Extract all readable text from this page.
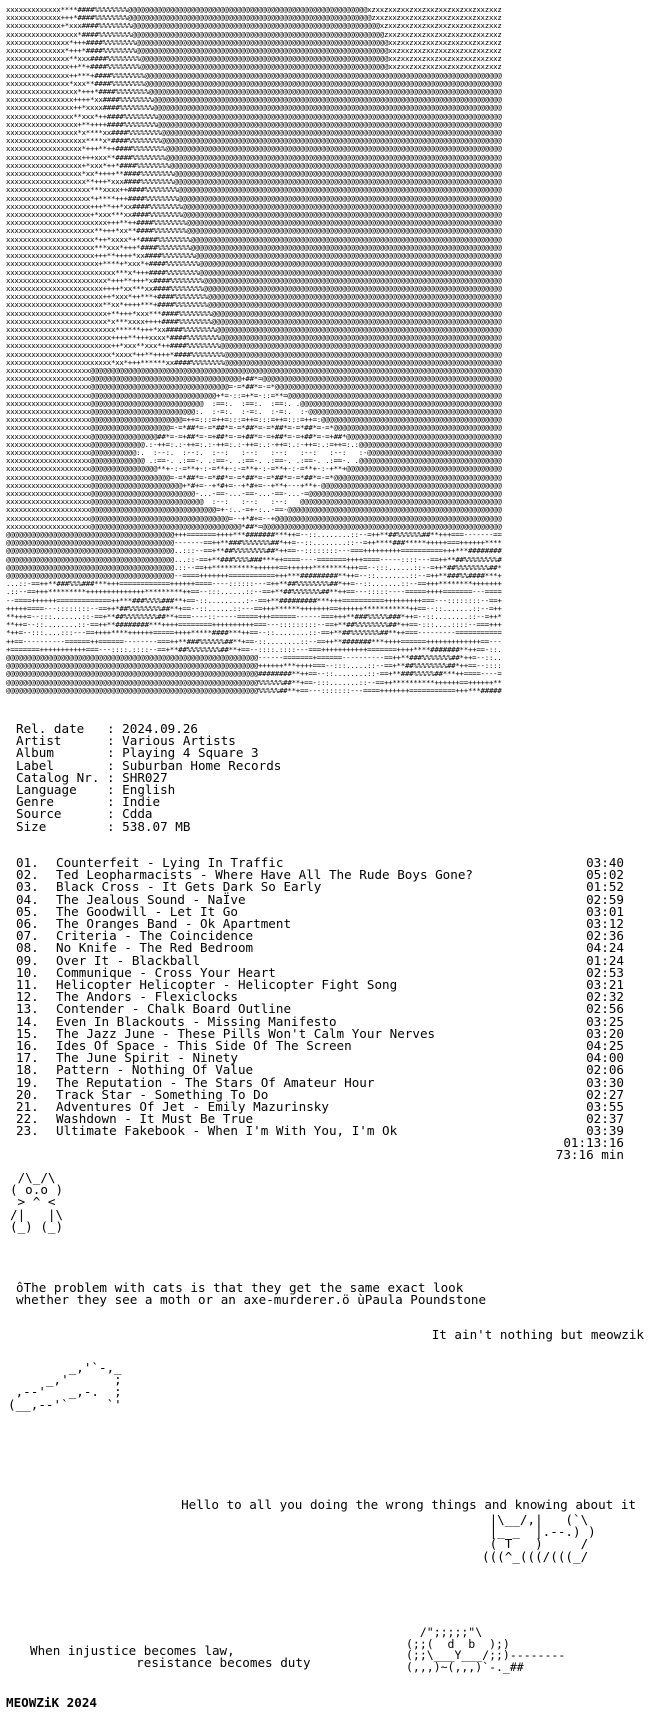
xxxxxxxxxxxxx****####%%%%%%%%@@@@@@@@@@@@@@@@@@@@@@@@@@@@@@@@@@@@@@@@@@@@@@@@@@@@@@@@@xzxxzxxzxxzxxzxxzxxzxxzxxzxxzxxz
xxxxxxxxxxxxx+++*####%%%%%%%%@@@@@@@@@@@@@@@@@@@@@@@@@@@@@@@@@@@@@@@@@@@@@@@@@@@@@@@@@@zxxzxxzxxzxxzxxzxxzxxzxxzxxzxxz
xxxxxxxxxxxxx+*xxx####%%%%%%%%@@@@@@@@@@@@@@@@@@@@@@@@@@@@@@@@@@@@@@@@@@@@@@@@@@@@@@@@@@@xzxxzxxzxxzxxzxxzxxzxxzxxzxxz
xxxxxxxxxxxxxxxxx*####%%%%%%%%@@@@@@@@@@@@@@@@@@@@@@@@@@@@@@@@@@@@@@@@@@@@@@@@@@@@@@@@@@@@zxxzxxzxxzxxzxxzxxzxxzxxzxxz
xxxxxxxxxxxxxxx*+++####%%%%%%%%@@@@@@@@@@@@@@@@@@@@@@@@@@@@@@@@@@@@@@@@@@@@@@@@@@@@@@@@@@@@xxzxxzxxzxxzxxzxxzxxzxxzxxz
xxxxxxxxxxxxxx*+++*####%%%%%%%%@@@@@@@@@@@@@@@@@@@@@@@@@@@@@@@@@@@@@@@@@@@@@@@@@@@@@@@@@@@@xxzxxzxxzxxzxxzxxzxxzxxzxxz
xxxxxxxxxxxxxxx**xxx####%%%%%%%%@@@@@@@@@@@@@@@@@@@@@@@@@@@@@@@@@@@@@@@@@@@@@@@@@@@@@@@@@@@xxzxxzxxzxxzxxzxxzxxzxxzxxz
xxxxxxxxxxxxxxx++**+####%%%%%%%%@@@@@@@@@@@@@@@@@@@@@@@@@@@@@@@@@@@@@@@@@@@@@@@@@@@@@@@@@@@xxzxxzxxzxxzxxzxxzxxzxxzxxz
xxxxxxxxxxxxxxx++***+####%%%%%%%%@@@@@@@@@@@@@@@@@@@@@@@@@@@@@@@@@@@@@@@@@@@@@@@@@@@@@@@@@@@@@@@@@@@@@@@@@@@@@@@@@@@@@
xxxxxxxxxxxxxxx*xxx**####%%%%%%%%@@@@@@@@@@@@@@@@@@@@@@@@@@@@@@@@@@@@@@@@@@@@@@@@@@@@@@@@@@@@@@@@@@@@@@@@@@@@@@@@@@@@@
xxxxxxxxxxxxxxxxx*+++*####%%%%%%%%@@@@@@@@@@@@@@@@@@@@@@@@@@@@@@@@@@@@@@@@@@@@@@@@@@@@@@@@@@@@@@@@@@@@@@@@@@@@@@@@@@@@
xxxxxxxxxxxxxxxx++++*xx####%%%%%%%%@@@@@@@@@@@@@@@@@@@@@@@@@@@@@@@@@@@@@@@@@@@@@@@@@@@@@@@@@@@@@@@@@@@@@@@@@@@@@@@@@@@
xxxxxxxxxxxxxxxx++*xxxx####%%%%%%%%@@@@@@@@@@@@@@@@@@@@@@@@@@@@@@@@@@@@@@@@@@@@@@@@@@@@@@@@@@@@@@@@@@@@@@@@@@@@@@@@@@@
xxxxxxxxxxxxxxxx**xxx*++####%%%%%%%%@@@@@@@@@@@@@@@@@@@@@@@@@@@@@@@@@@@@@@@@@@@@@@@@@@@@@@@@@@@@@@@@@@@@@@@@@@@@@@@@@@
xxxxxxxxxxxxxxxxx+**++++####%%%%%%%%@@@@@@@@@@@@@@@@@@@@@@@@@@@@@@@@@@@@@@@@@@@@@@@@@@@@@@@@@@@@@@@@@@@@@@@@@@@@@@@@@@
xxxxxxxxxxxxxxxxx*x****xx####%%%%%%%%@@@@@@@@@@@@@@@@@@@@@@@@@@@@@@@@@@@@@@@@@@@@@@@@@@@@@@@@@@@@@@@@@@@@@@@@@@@@@@@@@
xxxxxxxxxxxxxxxxxxx****x*####%%%%%%%%@@@@@@@@@@@@@@@@@@@@@@@@@@@@@@@@@@@@@@@@@@@@@@@@@@@@@@@@@@@@@@@@@@@@@@@@@@@@@@@@@
xxxxxxxxxxxxxxxxxx*+++**++####%%%%%%%%@@@@@@@@@@@@@@@@@@@@@@@@@@@@@@@@@@@@@@@@@@@@@@@@@@@@@@@@@@@@@@@@@@@@@@@@@@@@@@@@
xxxxxxxxxxxxxxxxxx+++xxx**####%%%%%%%%@@@@@@@@@@@@@@@@@@@@@@@@@@@@@@@@@@@@@@@@@@@@@@@@@@@@@@@@@@@@@@@@@@@@@@@@@@@@@@@@
xxxxxxxxxxxxxxxxxx+*xxx*++*####%%%%%%%%@@@@@@@@@@@@@@@@@@@@@@@@@@@@@@@@@@@@@@@@@@@@@@@@@@@@@@@@@@@@@@@@@@@@@@@@@@@@@@@
xxxxxxxxxxxxxxxxxx*xx*++++**####%%%%%%%%@@@@@@@@@@@@@@@@@@@@@@@@@@@@@@@@@@@@@@@@@@@@@@@@@@@@@@@@@@@@@@@@@@@@@@@@@@@@@@
xxxxxxxxxxxxxxxxxxx**+++*xxx####%%%%%%%%@@@@@@@@@@@@@@@@@@@@@@@@@@@@@@@@@@@@@@@@@@@@@@@@@@@@@@@@@@@@@@@@@@@@@@@@@@@@@@
xxxxxxxxxxxxxxxxxxxx***xxxx++####%%%%%%%%@@@@@@@@@@@@@@@@@@@@@@@@@@@@@@@@@@@@@@@@@@@@@@@@@@@@@@@@@@@@@@@@@@@@@@@@@@@@@
xxxxxxxxxxxxxxxxxxxx*+****+++####%%%%%%%%@@@@@@@@@@@@@@@@@@@@@@@@@@@@@@@@@@@@@@@@@@@@@@@@@@@@@@@@@@@@@@@@@@@@@@@@@@@@@
xxxxxxxxxxxxxxxxxxxx+++**++*xx####%%%%%%%%@@@@@@@@@@@@@@@@@@@@@@@@@@@@@@@@@@@@@@@@@@@@@@@@@@@@@@@@@@@@@@@@@@@@@@@@@@@@
xxxxxxxxxxxxxxxxxxxx+*xxx***xx####%%%%%%%%@@@@@@@@@@@@@@@@@@@@@@@@@@@@@@@@@@@@@@@@@@@@@@@@@@@@@@@@@@@@@@@@@@@@@@@@@@@@
xxxxxxxxxxxxxxxxxxxxxxxx+++**++####%%%%%%%%@@@@@@@@@@@@@@@@@@@@@@@@@@@@@@@@@@@@@@@@@@@@@@@@@@@@@@@@@@@@@@@@@@@@@@@@@@@
xxxxxxxxxxxxxxxxxxxxx**+++*xx**####%%%%%%%%@@@@@@@@@@@@@@@@@@@@@@@@@@@@@@@@@@@@@@@@@@@@@@@@@@@@@@@@@@@@@@@@@@@@@@@@@@@
xxxxxxxxxxxxxxxxxxxxx*++*xxxx*+*####%%%%%%%%@@@@@@@@@@@@@@@@@@@@@@@@@@@@@@@@@@@@@@@@@@@@@@@@@@@@@@@@@@@@@@@@@@@@@@@@@@
xxxxxxxxxxxxxxxxxxxxx***xxx*+++*####%%%%%%%%@@@@@@@@@@@@@@@@@@@@@@@@@@@@@@@@@@@@@@@@@@@@@@@@@@@@@@@@@@@@@@@@@@@@@@@@@@
xxxxxxxxxxxxxxxxxxxxx+++**++++*xx####%%%%%%%%@@@@@@@@@@@@@@@@@@@@@@@@@@@@@@@@@@@@@@@@@@@@@@@@@@@@@@@@@@@@@@@@@@@@@@@@@
xxxxxxxxxxxxxxxxxxxxxx+****+*xxx*+####%%%%%%%%@@@@@@@@@@@@@@@@@@@@@@@@@@@@@@@@@@@@@@@@@@@@@@@@@@@@@@@@@@@@@@@@@@@@@@@@
xxxxxxxxxxxxxxxxxxxxxxxxxx***x*+++####%%%%%%%%@@@@@@@@@@@@@@@@@@@@@@@@@@@@@@@@@@@@@@@@@@@@@@@@@@@@@@@@@@@@@@@@@@@@@@@@
xxxxxxxxxxxxxxxxxxxxxxxx*+++**+++*x####%%%%%%%%@@@@@@@@@@@@@@@@@@@@@@@@@@@@@@@@@@@@@@@@@@@@@@@@@@@@@@@@@@@@@@@@@@@@@@@
xxxxxxxxxxxxxxxxxxxxxxx++++*xx***xx####%%%%%%%%@@@@@@@@@@@@@@@@@@@@@@@@@@@@@@@@@@@@@@@@@@@@@@@@@@@@@@@@@@@@@@@@@@@@@@@
xxxxxxxxxxxxxxxxxxxxxxx++*xxx*++***+####%%%%%%%%@@@@@@@@@@@@@@@@@@@@@@@@@@@@@@@@@@@@@@@@@@@@@@@@@@@@@@@@@@@@@@@@@@@@@@
xxxxxxxxxxxxxxxxxxxxxxx**xx*++++***+####%%%%%%%%@@@@@@@@@@@@@@@@@@@@@@@@@@@@@@@@@@@@@@@@@@@@@@@@@@@@@@@@@@@@@@@@@@@@@@
xxxxxxxxxxxxxxxxxxxxxxxx+**+++*xxx***####%%%%%%%%@@@@@@@@@@@@@@@@@@@@@@@@@@@@@@@@@@@@@@@@@@@@@@@@@@@@@@@@@@@@@@@@@@@@@
xxxxxxxxxxxxxxxxxxxxxxxx*x***xxxx++++####%%%%%%%%@@@@@@@@@@@@@@@@@@@@@@@@@@@@@@@@@@@@@@@@@@@@@@@@@@@@@@@@@@@@@@@@@@@@@
xxxxxxxxxxxxxxxxxxxxxxxxxx******+++*xx####%%%%%%%%@@@@@@@@@@@@@@@@@@@@@@@@@@@@@@@@@@@@@@@@@@@@@@@@@@@@@@@@@@@@@@@@@@@@
xxxxxxxxxxxxxxxxxxxxxxxxx++++**+++xxxx*####%%%%%%%%@@@@@@@@@@@@@@@@@@@@@@@@@@@@@@@@@@@@@@@@@@@@@@@@@@@@@@@@@@@@@@@@@@@
xxxxxxxxxxxxxxxxxxxxxxxxx++*xxx**xxx*++####%%%%%%%%@@@@@@@@@@@@@@@@@@@@@@@@@@@@@@@@@@@@@@@@@@@@@@@@@@@@@@@@@@@@@@@@@@@
xxxxxxxxxxxxxxxxxxxxxxxxx*xxxx*++**++++*####%%%%%%%%@@@@@@@@@@@@@@@@@@@@@@@@@@@@@@@@@@@@@@@@@@@@@@@@@@@@@@@@@@@@@@@@@@
xxxxxxxxxxxxxxxxxxxxxxxxx*xx*+++******xx####%%%%%%%%@@@@@@@@@@@@@@@@@@@@@@@@@@@@@@@@@@@@@@@@@@@@@@@@@@@@@@@@@@@@@@@@@@
xxxxxxxxxxxxxxxxxxxx@@@@@@@@@@@@@@@@@@@@@@@@@@@@@@@@@@@@@@@@@@@@@@@@@@@@@@@@@@@@@@@@@@@@@@@@@@@@@@@@@@@@@@@@@@@@@@@@@@
xxxxxxxxxxxxxxxxxxxx@@@@@@@@@@@@@@@@@@@@@@@@@@@@@@@@@@@@+##*=@@@@@@@@@@@@@@@@@@@@@@@@@@@@@@@@@@@@@@@@@@@@@@@@@@@@@@@@@
xxxxxxxxxxxxxxxxxxxx@@@@@@@@@@@@@@@@@@@@@@@@@@@@@@@@@=-=*##*=-=*@@@@@@@@@@@@@@@@@@@@@@@@@@@@@@@@@@@@@@@@@@@@@@@@@@@@@@
xxxxxxxxxxxxxxxxxxxx@@@@@@@@@@@@@@@@@@@@@@@@@@@@@@+*=-::=+*=-::=**=@@@@@@@@@@@@@@@@@@@@@@@@@@@@@@@@@@@@@@@@@@@@@@@@@@@
xxxxxxxxxxxxxxxxxxxx@@@@@@@@@@@@@@@@@@@@@@@@@@@  :==:.  :==:.  :==:. .@@@@@@@@@@@@@@@@@@@@@@@@@@@@@@@@@@@@@@@@@@@@@@@@
xxxxxxxxxxxxxxxxxxxx@@@@@@@@@@@@@@@@@@@@@@@@@:.  :-=:.  :-=:.  :-=:.  :-@@@@@@@@@@@@@@@@@@@@@@@@@@@@@@@@@@@@@@@@@@@@@@
xxxxxxxxxxxxxxxxxxxx@@@@@@@@@@@@@@@@@@@@@@=++=:::=++=:::=++=:::=++=:::=++=:@@@@@@@@@@@@@@@@@@@@@@@@@@@@@@@@@@@@@@@@@@@
xxxxxxxxxxxxxxxxxxxx@@@@@@@@@@@@@@@@@@@=-=*##*=-=*##*=-=*##*=-=*##*=-=*##*=-=*@@@@@@@@@@@@@@@@@@@@@@@@@@@@@@@@@@@@@@@@
xxxxxxxxxxxxxxxxxxxx@@@@@@@@@@@@@@@@##*=-=+##*=-=+##*=-=+##*=-=+##*=-=+##*=-=+##*@@@@@@@@@@@@@@@@@@@@@@@@@@@@@@@@@@@@@
xxxxxxxxxxxxxxxxxxxx@@@@@@@@@@@@@.:-++=:.:-++=:.:-++=:.:-++=:.:-++=:.:-++=:.:=++=:.:@@@@@@@@@@@@@@@@@@@@@@@@@@@@@@@@@@
xxxxxxxxxxxxxxxxxxxx@@@@@@@@@@@:.  :--:.  :--:.  :--:   :--:   :--:   :--:   :--:   :-@@@@@@@@@@@@@@@@@@@@@@@@@@@@@@@@
xxxxxxxxxxxxxxxxxxxx@@@@@@@@@@@@@ .:==-. .:==-. .:==-. .:==-. .:==-. .:==-. .:==-. .@@@@@@@@@@@@@@@@@@@@@@@@@@@@@@@@@@
xxxxxxxxxxxxxxxxxxxx@@@@@@@@@@@@@@@@**+-:-=**+-:-=**+-:-=**+-:-=**+-:-=**+-:-+**+@@@@@@@@@@@@@@@@@@@@@@@@@@@@@@@@@@@@@
xxxxxxxxxxxxxxxxxxxx@@@@@@@@@@@@@@@@@@@=-=*##*=-=*##*=-=*##*=-=*##*=-=*##*=-=*@@@@@@@@@@@@@@@@@@@@@@@@@@@@@@@@@@@@@@@@
xxxxxxxxxxxxxxxxxxxx@@@@@@@@@@@@@@@@@@@@@@+*#+=--+*#+=--+*#+=--+**+---+**+-@@@@@@@@@@@@@@@@@@@@@@@@@@@@@@@@@@@@@@@@@@@
xxxxxxxxxxxxxxxxxxxx@@@@@@@@@@@@@@@@@@@@@@@@@-...-==-...-==-...-==-...-=@@@@@@@@@@@@@@@@@@@@@@@@@@@@@@@@@@@@@@@@@@@@@@
xxxxxxxxxxxxxxxxxxxx@@@@@@@@@@@@@@@@@@@@@@@@@@@  :--:   :--:   :--:   @@@@@@@@@@@@@@@@@@@@@@@@@@@@@@@@@@@@@@@@@@@@@@@@
xxxxxxxxxxxxxxxxxxxx@@@@@@@@@@@@@@@@@@@@@@@@@@@@@@=+-:..-=+-:..-==-@@@@@@@@@@@@@@@@@@@@@@@@@@@@@@@@@@@@@@@@@@@@@@@@@@@
xxxxxxxxxxxxxxxxxxxx@@@@@@@@@@@@@@@@@@@@@@@@@@@@@@@@@=--+*#+=--+@@@@@@@@@@@@@@@@@@@@@@@@@@@@@@@@@@@@@@@@@@@@@@@@@@@@@@
xxxxxxxxxxxxxxxxxxxx@@@@@@@@@@@@@@@@@@@@@@@@@@@@@@@@@@@@*##*=@@@@@@@@@@@@@@@@@@@@@@@@@@@@@@@@@@@@@@@@@@@@@@@@@@@@@@@@@
@@@@@@@@@@@@@@@@@@@@@@@@@@@@@@@@@@@@@@@@+++=======++++***#######***++=--::........::--=++**##%%%%%%##**+++===-------==
@@@@@@@@@@@@@@@@@@@@@@@@@@@@@@@@@@@@@@@@-------==++**###%%%%%%%##*++=--::........::--=++****###*****+++++===++++++****
@@@@@@@@@@@@@@@@@@@@@@@@@@@@@@@@@@@@@@@@..:::--==+**##%%%%%%%%##*++==--::::::::---===+++++++++==========+++***########
@@@@@@@@@@@@@@@@@@@@@@@@@@@@@@@@@@@@@@@@...::-==+**###%%%%###***++====----=======++++====-----::::---==++**##%%%%%%%%#
@@@@@@@@@@@@@@@@@@@@@@@@@@@@@@@@@@@@@@@@.::--==++**********++++++==++++++********+++==--:::......::--=++*##%%%%%%%%##*
@@@@@@@@@@@@@@@@@@@@@@@@@@@@@@@@@@@@@@@@--====+++++++===========+++***#########**++=--::........::--=++**###%%####***+
...::-==++**###%%%###***+++============++++++====----::::::---=++**##%%%%%%%%##*++=--::.......::--==+++********+++++++
.::--==+++*********++++++++++++++*********++==--:::......::--==+**##%%%%%%%##**++==---:::::----=====++++=======---====
--====++++++=============++***###%%%%###**+==-::.........:--==+**#########***+++==========+++++++++===---::::::::--==+
+++++====---::::::::--==++*##%%%%%%%%##**+==--::......::---==+++******+++++++==++++++***********++==--::.......::--=++
**+++=--:::.......::-==+**##%%%%%%%%##**+===----::-----=====+++======------===+++**###%%%%%###*++=--::........::--=++*
**++=--::........::-==++**########***++++========++++++++++===---:::::::::--==+**##%%%%%%%%##*++==-:::....::::--===+++
*++=--:::....:::---==++++****++++++=====++++*****####***++==--::........::-==+**##%%%%%%%##**++===---------===========
++==----------======++======--------===++**###%%%%%%##**+==-::........::--==++**#######***++++======+++++++++++++==---
+=======+++++++++++===---::::.::::--==+**##%%%%%%%%##**+==--::::.::::---===+++++++++++=======++++****#######**++==-::.
@@@@@@@@@@@@@@@@@@@@@@@@@@@@@@@@@@@@@@@@@@@@@@@@@@@@@@@@@@@@------=======+======----------==++**###%%%%%%%##*++=--::..
@@@@@@@@@@@@@@@@@@@@@@@@@@@@@@@@@@@@@@@@@@@@@@@@@@@@@@@@@@@@++++++***++++===--:::.....::--==+**##%%%%%%%%##*++==--::::
@@@@@@@@@@@@@@@@@@@@@@@@@@@@@@@@@@@@@@@@@@@@@@@@@@@@@@@@@@@@########**++==--::........::-==+**###%%%%%##***++====----=
@@@@@@@@@@@@@@@@@@@@@@@@@@@@@@@@@@@@@@@@@@@@@@@@@@@@@@@@@@@@%%%%%%##**+==-:::.......::--==++**********++++++==++++++**
@@@@@@@@@@@@@@@@@@@@@@@@@@@@@@@@@@@@@@@@@@@@@@@@@@@@@@@@@@@@%%%%%##**+==---:::::::---====+++++++===========+++***#####
Rel. date   : 2024.09.26
Artist      : Various Artists
Album       : Playing 4 Square 3
Label       : Suburban Home Records
Catalog Nr. : SHR027
Language    : English
Genre       : Indie
Source      : Cdda
Size        : 538.07 MB
01.	Counterfeit - Lying In Traffic	03:40
02.	Ted Leopharmacists - Where Have All The Rude Boys Gone?	05:02
03.	Black Cross - It Gets Dark So Early	01:52
04.	The Jealous Sound - NaÏve	02:59
05.	The Goodwill - Let It Go	03:01
06.	The Oranges Band - Ok Apartment	03:12
07.	Criteria - The Coincidence	02:36
08.	No Knife - The Red Bedroom	04:24
09.	Over It - Blackball	01:24
10.	Communique - Cross Your Heart	02:53
11.	Helicopter Helicopter - Helicopter Fight Song	03:21
12.	The Andors - Flexiclocks	02:32
13.	Contender - Chalk Board Outline	02:56
14.	Even In Blackouts - Missing Manifesto	03:25
15.	The Jazz June - These Pills Won't Calm Your Nerves	03:20
16.	Ides Of Space - This Side Of The Screen	04:25
17.	The June Spirit - Ninety	04:00
18.	Pattern - Nothing Of Value	02:06
19.	The Reputation - The Stars Of Amateur Hour	03:30
20.	Track Star - Something To Do	02:27
21.	Adventures Of Jet - Emily Mazurinsky	03:55
22.	Washdown - It Must Be True	02:37
23.	Ultimate Fakebook - When I'm With You, I'm Ok	03:39
01:13:16
73:16 min
/\_/\
( o.o )
> ^ <
/|   |\
(_) (_)
ôThe problem with cats is that they get the same exact look
whether they see a moth or an axe-murderer.ö ùPaula Poundstone
It ain't nothing but meowzik
_,'`-,_
_,'      ;
,--'   _,-.  ;
(__,--'`     `'
Hello to all you doing the wrong things and knowing about it
|\__/,|   (`\
|_ _  |.--.) )
( T   )     /
(((^_(((/(((_/
When injustice becomes law,
resistance becomes duty
/";;;;;"\
(;;(  d  b  );)
(;;\___Y___/;;)--------
(,,,)~(,,,)`-._##
MEOWZiK 2024
